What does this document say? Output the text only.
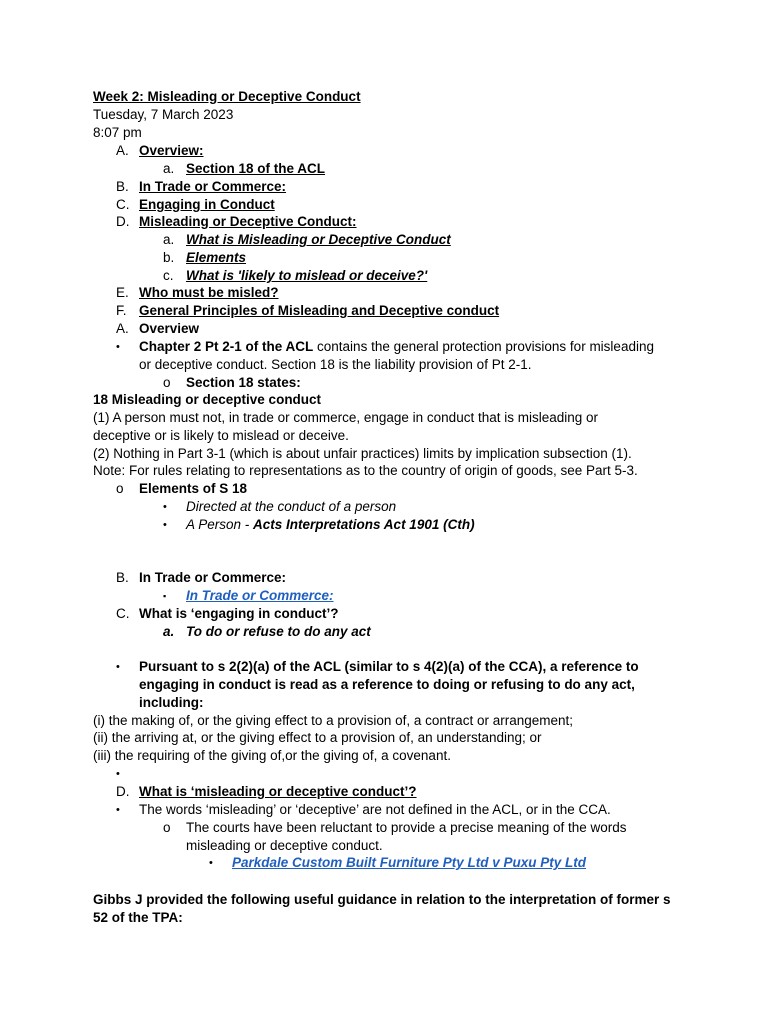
Week 2: Misleading or Deceptive Conduct
Tuesday, 7 March 2023
8:07 pm
A. Overview:
a. Section 18 of the ACL
B. In Trade or Commerce:
C. Engaging in Conduct
D. Misleading or Deceptive Conduct:
a. What is Misleading or Deceptive Conduct
b. Elements
c. What is 'likely to mislead or deceive?'
E. Who must be misled?
F. General Principles of Misleading and Deceptive conduct
A. Overview
• Chapter 2 Pt 2-1 of the ACL contains the general protection provisions for misleading
or deceptive conduct. Section 18 is the liability provision of Pt 2-1.
o Section 18 states:
18 Misleading or deceptive conduct
(1) A person must not, in trade or commerce, engage in conduct that is misleading or
deceptive or is likely to mislead or deceive.
(2) Nothing in Part 3-1 (which is about unfair practices) limits by implication subsection (1).
Note: For rules relating to representations as to the country of origin of goods, see Part 5-3.
o Elements of S 18
• Directed at the conduct of a person
• A Person - Acts Interpretations Act 1901 (Cth)
B. In Trade or Commerce:
▪ In Trade or Commerce:
C. What is ‘engaging in conduct’?
a. To do or refuse to do any act
• Pursuant to s 2(2)(a) of the ACL (similar to s 4(2)(a) of the CCA), a reference to
engaging in conduct is read as a reference to doing or refusing to do any act,
including:
(i) the making of, or the giving effect to a provision of, a contract or arrangement;
(ii) the arriving at, or the giving effect to a provision of, an understanding; or
(iii) the requiring of the giving of,or the giving of, a covenant.
•
D. What is ‘misleading or deceptive conduct’?
• The words ‘misleading’ or ‘deceptive’ are not defined in the ACL, or in the CCA.
o The courts have been reluctant to provide a precise meaning of the words
misleading or deceptive conduct.
• Parkdale Custom Built Furniture Pty Ltd v Puxu Pty Ltd
Gibbs J provided the following useful guidance in relation to the interpretation of former s
52 of the TPA:
